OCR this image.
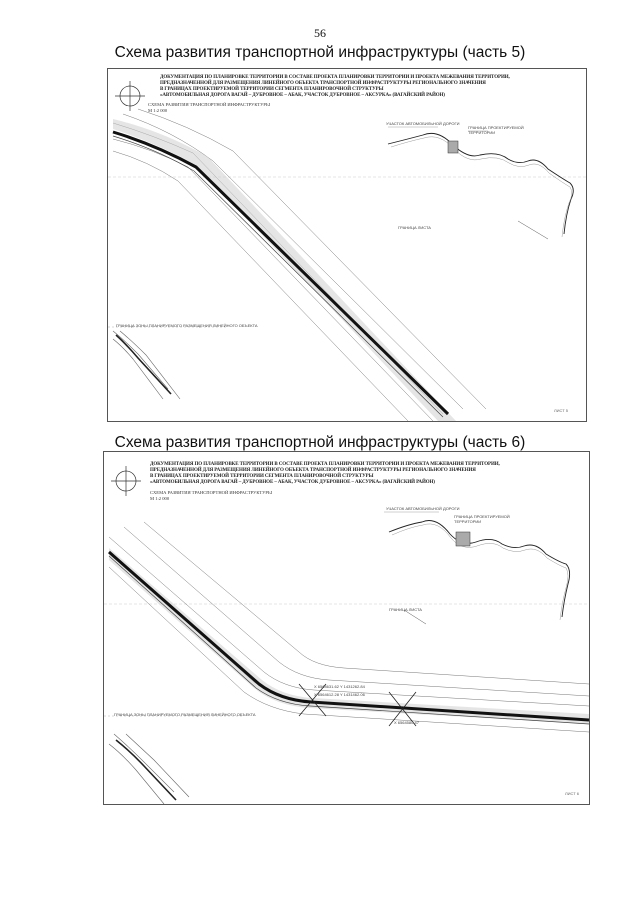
56
Схема развития транспортной инфраструктуры (часть 5)
ДОКУМЕНТАЦИЯ ПО ПЛАНИРОВКЕ ТЕРРИТОРИИ В СОСТАВЕ ПРОЕКТА ПЛАНИРОВКИ ТЕРРИТОРИИ И ПРОЕКТА МЕЖЕВАНИЯ ТЕРРИТОРИИ,
ПРЕДНАЗНАЧЕННОЙ ДЛЯ РАЗМЕЩЕНИЯ ЛИНЕЙНОГО ОБЪЕКТА ТРАНСПОРТНОЙ ИНФРАСТРУКТУРЫ РЕГИОНАЛЬНОГО ЗНАЧЕНИЯ
В ГРАНИЦАХ ПРОЕКТИРУЕМОЙ ТЕРРИТОРИИ СЕГМЕНТА ПЛАНИРОВОЧНОЙ СТРУКТУРЫ
«АВТОМОБИЛЬНАЯ ДОРОГА ВАГАЙ – ДУБРОВНОЕ – АБАК, УЧАСТОК ДУБРОВНОЕ – АКСУРКА» (ВАГАЙСКИЙ РАЙОН)
СХЕМА РАЗВИТИЯ ТРАНСПОРТНОЙ ИНФРАСТРУКТУРЫ
М 1:2 000
ГРАНИЦА ЗОНЫ ПЛАНИРУЕМОГО РАЗМЕЩЕНИЯ ЛИНЕЙНОГО ОБЪЕКТА
УЧАСТОК АВТОМОБИЛЬНОЙ ДОРОГИ
ГРАНИЦА ПРОЕКТИРУЕМОЙ ТЕРРИТОРИИ
ГРАНИЦА ЛИСТА
ЛИСТ 5
Схема развития транспортной инфраструктуры (часть 6)
ДОКУМЕНТАЦИЯ ПО ПЛАНИРОВКЕ ТЕРРИТОРИИ В СОСТАВЕ ПРОЕКТА ПЛАНИРОВКИ ТЕРРИТОРИИ И ПРОЕКТА МЕЖЕВАНИЯ ТЕРРИТОРИИ,
ПРЕДНАЗНАЧЕННОЙ ДЛЯ РАЗМЕЩЕНИЯ ЛИНЕЙНОГО ОБЪЕКТА ТРАНСПОРТНОЙ ИНФРАСТРУКТУРЫ РЕГИОНАЛЬНОГО ЗНАЧЕНИЯ
В ГРАНИЦАХ ПРОЕКТИРУЕМОЙ ТЕРРИТОРИИ СЕГМЕНТА ПЛАНИРОВОЧНОЙ СТРУКТУРЫ
«АВТОМОБИЛЬНАЯ ДОРОГА ВАГАЙ – ДУБРОВНОЕ – АБАК, УЧАСТОК ДУБРОВНОЕ – АКСУРКА» (ВАГАЙСКИЙ РАЙОН)
СХЕМА РАЗВИТИЯ ТРАНСПОРТНОЙ ИНФРАСТРУКТУРЫ
М 1:2 000
ГРАНИЦА ЗОНЫ ПЛАНИРУЕМОГО РАЗМЕЩЕНИЯ ЛИНЕЙНОГО ОБЪЕКТА
УЧАСТОК АВТОМОБИЛЬНОЙ ДОРОГИ
ГРАНИЦА ПРОЕКТИРУЕМОЙ ТЕРРИТОРИИ
ГРАНИЦА ЛИСТА
X 6564631.62 Y 1431262.84
X 6564612.28 Y 1431462.06
X 6564580.47
ЛИСТ 6
